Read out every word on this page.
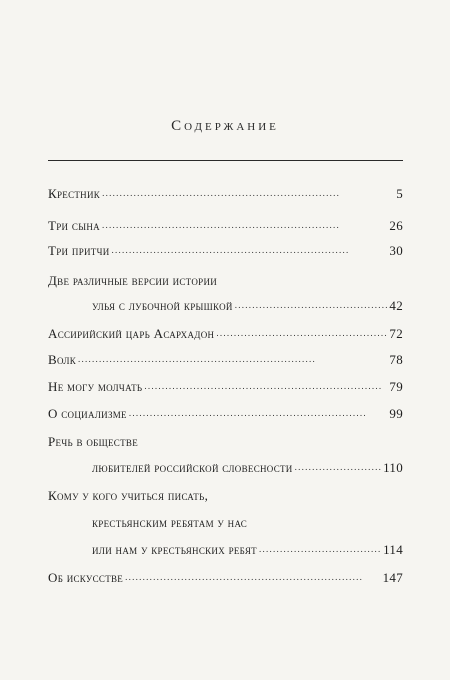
Содержание
Крестник . . .	5
Три сына . . .	26
Три притчи . . .	30
Две различные версии истории
улья с лубочной крышкой . . .	42
Ассирийский царь Асархадон . . .	72
Волк . . .	78
Не могу молчать . . .	79
О социализме . . .	99
Речь в обществе
любителей российской словесности . . .	110
Кому у кого учиться писать,
крестьянским ребятам у нас
или нам у крестьянских ребят . . .	114
Об искусстве . . .	147
